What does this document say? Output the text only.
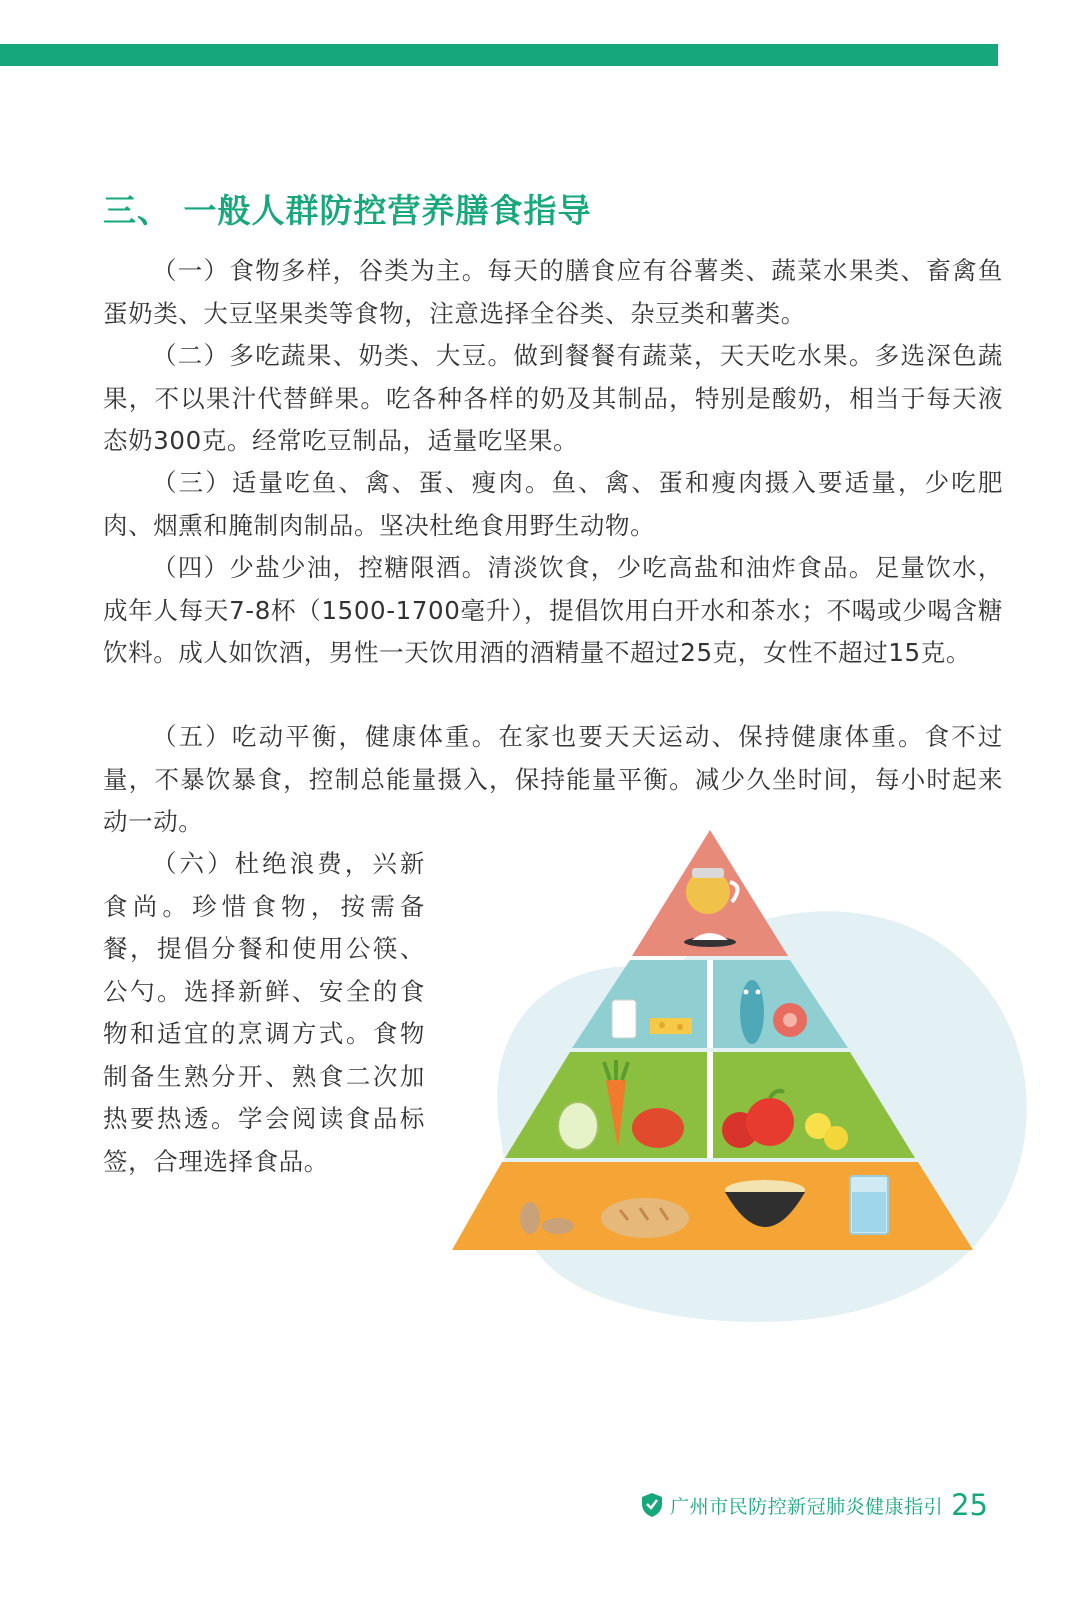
三、 一般人群防控营养膳食指导

（一）食物多样，谷类为主。每天的膳食应有谷薯类、蔬菜水果类、畜禽鱼蛋奶类、大豆坚果类等食物，注意选择全谷类、杂豆类和薯类。

（二）多吃蔬果、奶类、大豆。做到餐餐有蔬菜，天天吃水果。多选深色蔬果，不以果汁代替鲜果。吃各种各样的奶及其制品，特别是酸奶，相当于每天液态奶300克。经常吃豆制品，适量吃坚果。

（三）适量吃鱼、禽、蛋、瘦肉。鱼、禽、蛋和瘦肉摄入要适量，少吃肥肉、烟熏和腌制肉制品。坚决杜绝食用野生动物。

（四）少盐少油，控糖限酒。清淡饮食，少吃高盐和油炸食品。足量饮水，成年人每天7-8杯（1500-1700毫升），提倡饮用白开水和茶水；不喝或少喝含糖饮料。成人如饮酒，男性一天饮用酒的酒精量不超过25克，女性不超过15克。

（五）吃动平衡，健康体重。在家也要天天运动、保持健康体重。食不过量，不暴饮暴食，控制总能量摄入，保持能量平衡。减少久坐时间，每小时起来动一动。

（六）杜绝浪费，兴新食尚。珍惜食物，按需备餐，提倡分餐和使用公筷、公勺。选择新鲜、安全的食物和适宜的烹调方式。食物制备生熟分开、熟食二次加热要热透。学会阅读食品标签，合理选择食品。

广州市民防控新冠肺炎健康指引 25
